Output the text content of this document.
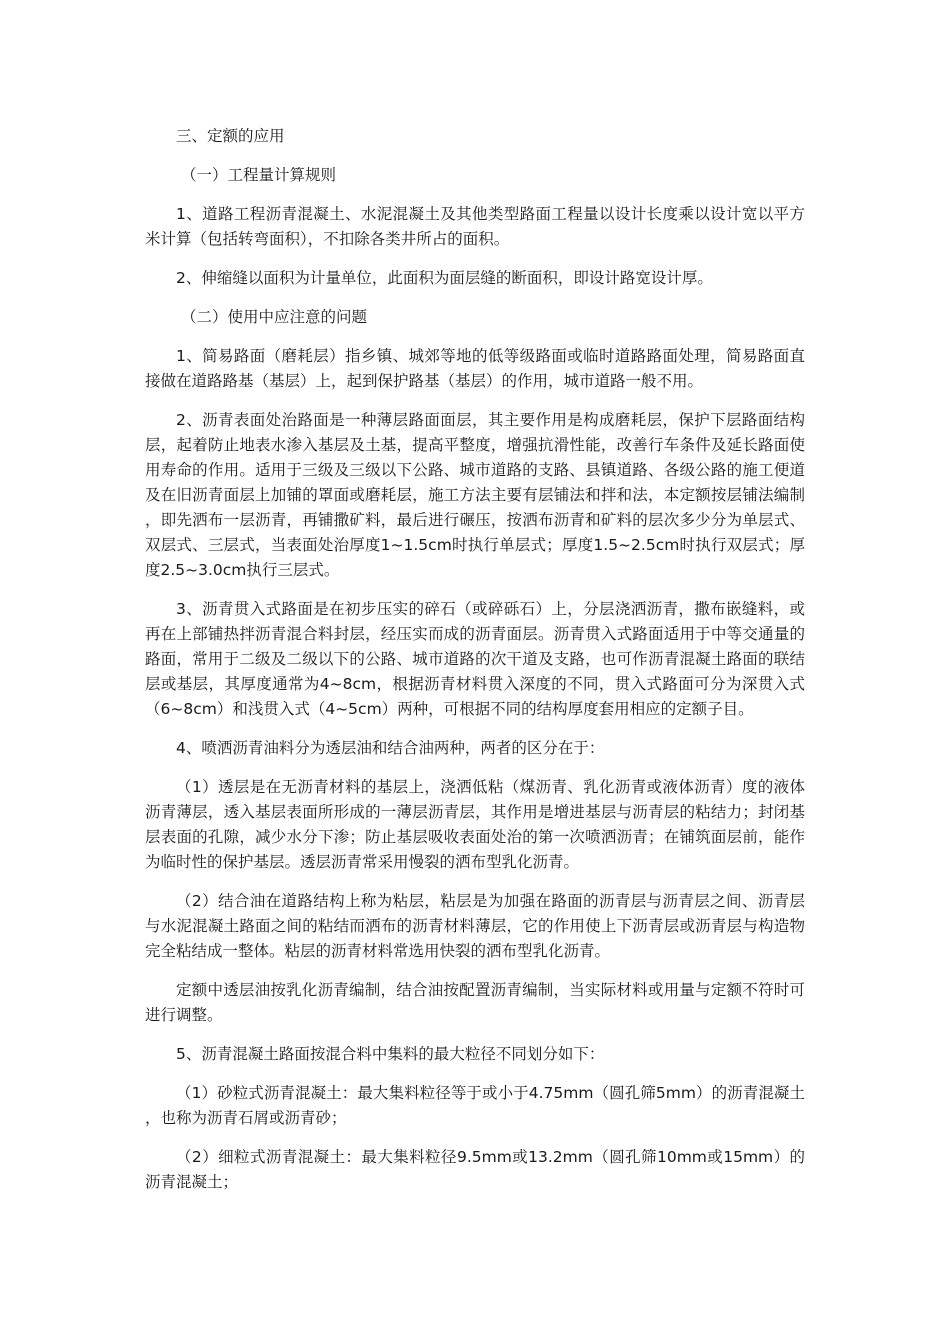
三、定额的应用

（一）工程量计算规则

1、道路工程沥青混凝土、水泥混凝土及其他类型路面工程量以设计长度乘以设计宽以平方米计算（包括转弯面积），不扣除各类井所占的面积。

2、伸缩缝以面积为计量单位，此面积为面层缝的断面积，即设计路宽设计厚。

（二）使用中应注意的问题

1、简易路面（磨耗层）指乡镇、城郊等地的低等级路面或临时道路路面处理，简易路面直接做在道路路基（基层）上，起到保护路基（基层）的作用，城市道路一般不用。

2、沥青表面处治路面是一种薄层路面面层，其主要作用是构成磨耗层，保护下层路面结构层，起着防止地表水渗入基层及土基，提高平整度，增强抗滑性能，改善行车条件及延长路面使用寿命的作用。适用于三级及三级以下公路、城市道路的支路、县镇道路、各级公路的施工便道及在旧沥青面层上加铺的罩面或磨耗层，施工方法主要有层铺法和拌和法，本定额按层铺法编制，即先洒布一层沥青，再铺撒矿料，最后进行碾压，按洒布沥青和矿料的层次多少分为单层式、双层式、三层式，当表面处治厚度1~1.5cm时执行单层式；厚度1.5~2.5cm时执行双层式；厚度2.5~3.0cm执行三层式。

3、沥青贯入式路面是在初步压实的碎石（或碎砾石）上，分层浇洒沥青，撒布嵌缝料，或再在上部铺热拌沥青混合料封层，经压实而成的沥青面层。沥青贯入式路面适用于中等交通量的路面，常用于二级及二级以下的公路、城市道路的次干道及支路，也可作沥青混凝土路面的联结层或基层，其厚度通常为4~8cm，根据沥青材料贯入深度的不同，贯入式路面可分为深贯入式（6~8cm）和浅贯入式（4~5cm）两种，可根据不同的结构厚度套用相应的定额子目。

4、喷洒沥青油料分为透层油和结合油两种，两者的区分在于：

（1）透层是在无沥青材料的基层上，浇洒低粘（煤沥青、乳化沥青或液体沥青）度的液体沥青薄层，透入基层表面所形成的一薄层沥青层，其作用是增进基层与沥青层的粘结力；封闭基层表面的孔隙，减少水分下渗；防止基层吸收表面处治的第一次喷洒沥青；在铺筑面层前，能作为临时性的保护基层。透层沥青常采用慢裂的洒布型乳化沥青。

（2）结合油在道路结构上称为粘层，粘层是为加强在路面的沥青层与沥青层之间、沥青层与水泥混凝土路面之间的粘结而洒布的沥青材料薄层，它的作用使上下沥青层或沥青层与构造物完全粘结成一整体。粘层的沥青材料常选用快裂的洒布型乳化沥青。

定额中透层油按乳化沥青编制，结合油按配置沥青编制，当实际材料或用量与定额不符时可进行调整。

5、沥青混凝土路面按混合料中集料的最大粒径不同划分如下：

（1）砂粒式沥青混凝土：最大集料粒径等于或小于4.75mm（圆孔筛5mm）的沥青混凝土，也称为沥青石屑或沥青砂；

（2）细粒式沥青混凝土：最大集料粒径9.5mm或13.2mm（圆孔筛10mm或15mm）的沥青混凝土；
